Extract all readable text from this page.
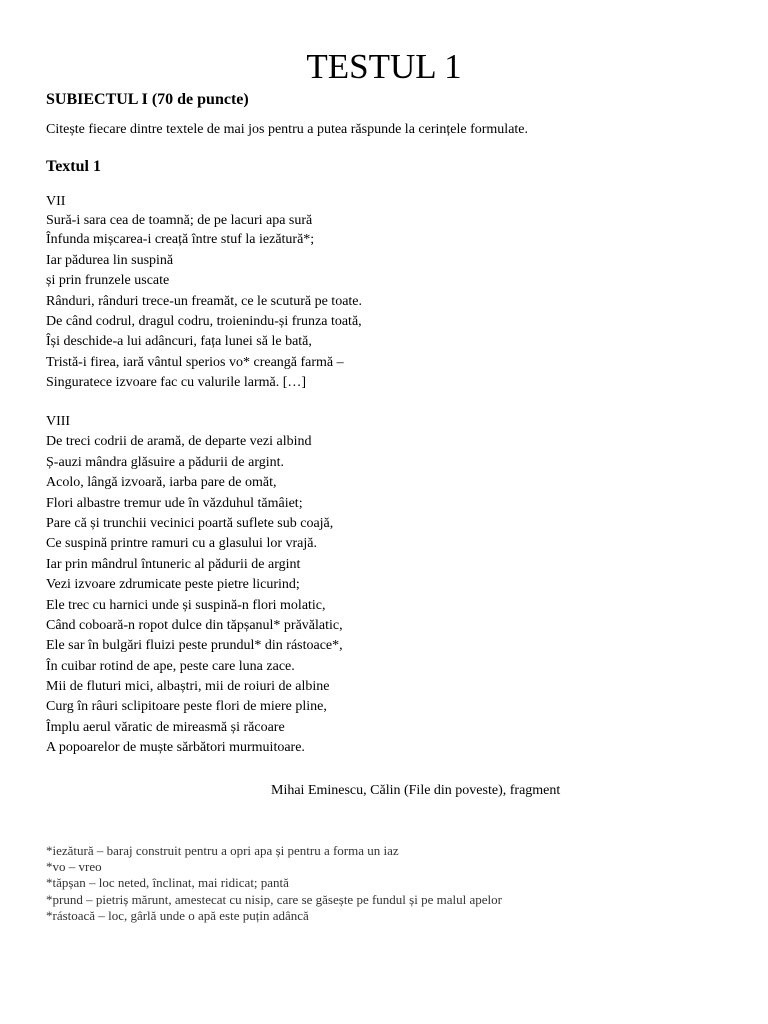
TESTUL 1
SUBIECTUL I (70 de puncte)
Citește fiecare dintre textele de mai jos pentru a putea răspunde la cerințele formulate.
Textul 1
VII
Sură-i sara cea de toamnă; de pe lacuri apa sură
Înfunda mișcarea-i creață între stuf la iezătură*;
Iar pădurea lin suspină
și prin frunzele uscate
Rânduri, rânduri trece-un freamăt, ce le scutură pe toate.
De când codrul, dragul codru, troienindu-și frunza toată,
Își deschide-a lui adâncuri, fața lunei să le bată,
Tristă-i firea, iară vântul sperios vo* creangă farmă –
Singuratece izvoare fac cu valurile larmă. […]
VIII
De treci codrii de aramă, de departe vezi albind
Ș-auzi mândra glăsuire a pădurii de argint.
Acolo, lângă izvoară, iarba pare de omăt,
Flori albastre tremur ude în văzduhul tămâiet;
Pare că și trunchii vecinici poartă suflete sub coajă,
Ce suspină printre ramuri cu a glasului lor vrajă.
Iar prin mândrul întuneric al pădurii de argint
Vezi izvoare zdrumicate peste pietre licurind;
Ele trec cu harnici unde și suspină-n flori molatic,
Când coboară-n ropot dulce din tăpșanul* prăvălatic,
Ele sar în bulgări fluizi peste prundul* din rástoace*,
În cuibar rotind de ape, peste care luna zace.
Mii de fluturi mici, albaștri, mii de roiuri de albine
Curg în râuri sclipitoare peste flori de miere pline,
Împlu aerul văratic de mireasmă și răcoare
A popoarelor de muște sărbători murmuitoare.
Mihai Eminescu, Călin (File din poveste), fragment
*iezătură – baraj construit pentru a opri apa și pentru a forma un iaz
*vo – vreo
*tăpșan – loc neted, înclinat, mai ridicat; pantă
*prund – pietriș mărunt, amestecat cu nisip, care se găsește pe fundul și pe malul apelor
*rástoacă – loc, gârlă unde o apă este puțin adâncă
